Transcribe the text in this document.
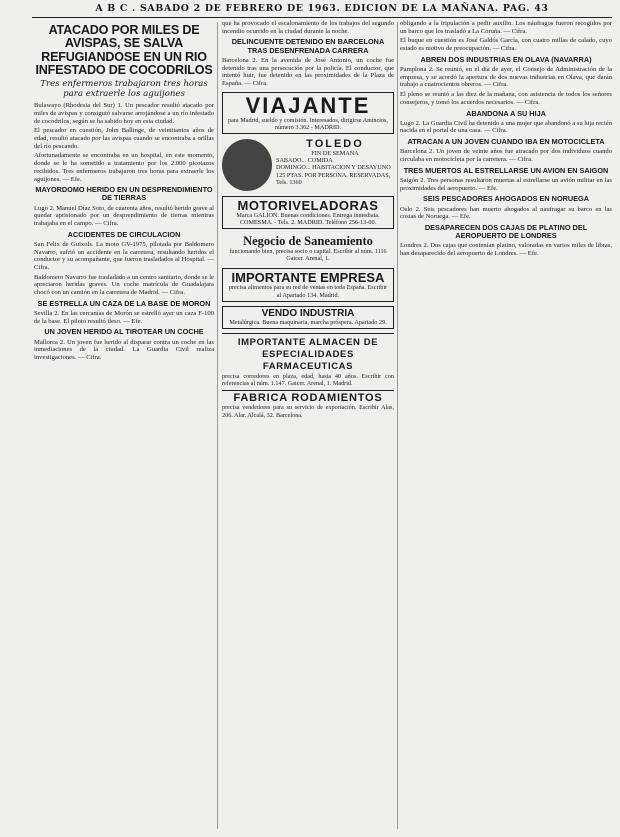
A B C . SABADO 2 DE FEBRERO DE 1963. EDICION DE LA MAÑANA. PAG. 43
ATACADO POR MILES DE AVISPAS, SE SALVA REFUGIANDOSE EN UN RIO INFESTADO DE COCODRILOS
Tres enfermeros trabajaron tres horas para extraerle los aguijones

Bulawayo (Rhodesia del Sur) 1. Un pescador resultó atacado por miles de avispas y consiguió salvarse arrojándose a un río infestado de cocodrilos, según se ha sabido hoy en esta ciudad.

El pescador en cuestión, John Ballinge, de veintitantos años de edad, resultó atacado por las avispas cuando se encontraba a orillas del río pescando.

Afortunadamente se encontraba en un hospital, en este momento, donde se le ha sometido a tratamiento por los 2.000 picotazos recibidos. Tres enfermeros trabajaron tres horas para extraerle los aguijones. — Efe.

MAYORDOMO HERIDO EN UN DESPRENDIMIENTO DE TIERRAS

Lugo 2. Manuel Díaz Soto, de cuarenta años, resultó herido grave al quedar aprisionado por un desprendimiento de tierras mientras trabajaba en el campo. — Cifra.

ACCIDENTES DE CIRCULACION

San Felix de Guixols. La moto GV-1975, pilotada por Baldomero Navarro, sufrió un accidente en la carretera, resultando heridos el conductor y su acompañante, que fueron trasladados al Hospital. — Cifra.

Baldomero Navarro fue trasladado a un centro sanitario, donde se le apreciaron heridas graves. Un coche matrícula de Guadalajara chocó con un camión en la carretera de Madrid. — Cifra.

SE ESTRELLA UN CAZA DE LA BASE DE MORON

Sevilla 2. En las cercanías de Morón se estrelló ayer un caza F-100 de la base. El piloto resultó ileso. — Efe.

UN JOVEN HERIDO AL TIROTEAR UN COCHE

Mallorca 2. Un joven fue herido al disparar contra un coche en las inmediaciones de la ciudad. La Guardia Civil realiza investigaciones. — Cifra.

que ha provocado el escalonamiento de los trabajos del segundo incendio ocurrido en la ciudad durante la noche.

DELINCUENTE DETENIDO EN BARCELONA TRAS DESENFRENADA CARRERA

Barcelona 2. En la avenida de José Antonio, un coche fue detenido tras una persecución por la policía. El conductor, que intentó huir, fue detenido en las proximidades de la Plaza de España. — Cifra.

VIAJANTE
para Madrid, sueldo y comisión. Interesados, dirigirse Anuncios, número 3.362 - MADRID.
TOLEDO
FIN DE SEMANA
SABADO... COMIDA
DOMINGO... HABITACION Y DESAYUNO
125 PTAS. POR PERSONA. RESERVADAS, Tels. 1360
MOTORIVELADORAS
Marca GALION. Buenas condiciones. Entrega inmediata. COMESMA. - Tels. 2. MADRID. Teléfono 256-13-00.
Negocio de Saneamiento
funcionando bien, precisa socio o capital. Escribir al núm. 1116 Gaicer. Arenal, 1.
IMPORTANTE EMPRESA
precisa alimentos para su red de ventas en toda España. Escribir al Apartado 134. Madrid.
VENDO INDUSTRIA
Metalúrgica. Buena maquinaria, marcha próspera. Apartado 29.
IMPORTANTE ALMACEN DE ESPECIALIDADES FARMACEUTICAS
precisa corredores en plaza, edad, hasta 40 años. Escribir con referencias al núm. 1.147. Gaicer. Arenal, 1. Madrid.
FABRICA RODAMIENTOS
precisa vendedores para su servicio de exportación. Escribir Alas, 206. Alar. Alcalá, 32. Barcelona.

obligando a la tripulación a pedir auxilio. Los náufragos fueron recogidos por un barco que los trasladó a La Coruña. — Cifra.

El buque en cuestión es José Galdós García, con cuatro millas de calado, cuyo estado es motivo de preocupación. — Cifra.

ABREN DOS INDUSTRIAS EN OLAVA (NAVARRA)

Pamplona 2. Se reunió, en el día de ayer, el Consejo de Administración de la empresa, y se acordó la apertura de dos nuevas industrias en Olava, que darán trabajo a cuatrocientos obreros. — Cifra.

El pleno se reunió a las diez de la mañana, con asistencia de todos los señores consejeros, y tomó los acuerdos necesarios. — Cifra.

ABANDONA A SU HIJA

Lugo 2. La Guardia Civil ha detenido a una mujer que abandonó a su hija recién nacida en el portal de una casa. — Cifra.

ATRACAN A UN JOVEN CUANDO IBA EN MOTOCICLETA

Barcelona 2. Un joven de veinte años fue atracado por dos individuos cuando circulaba en motocicleta por la carretera. — Cifra.

TRES MUERTOS AL ESTRELLARSE UN AVION EN SAIGON

Saigón 2. Tres personas resultaron muertas al estrellarse un avión militar en las proximidades del aeropuerto. — Efe.

SEIS PESCADORES AHOGADOS EN NORUEGA

Oslo 2. Seis pescadores han muerto ahogados al naufragar su barco en las costas de Noruega. — Efe.

DESAPARECEN DOS CAJAS DE PLATINO DEL AEROPUERTO DE LONDRES

Londres 2. Dos cajas que contenían platino, valoradas en varios miles de libras, han desaparecido del aeropuerto de Londres. — Efe.
